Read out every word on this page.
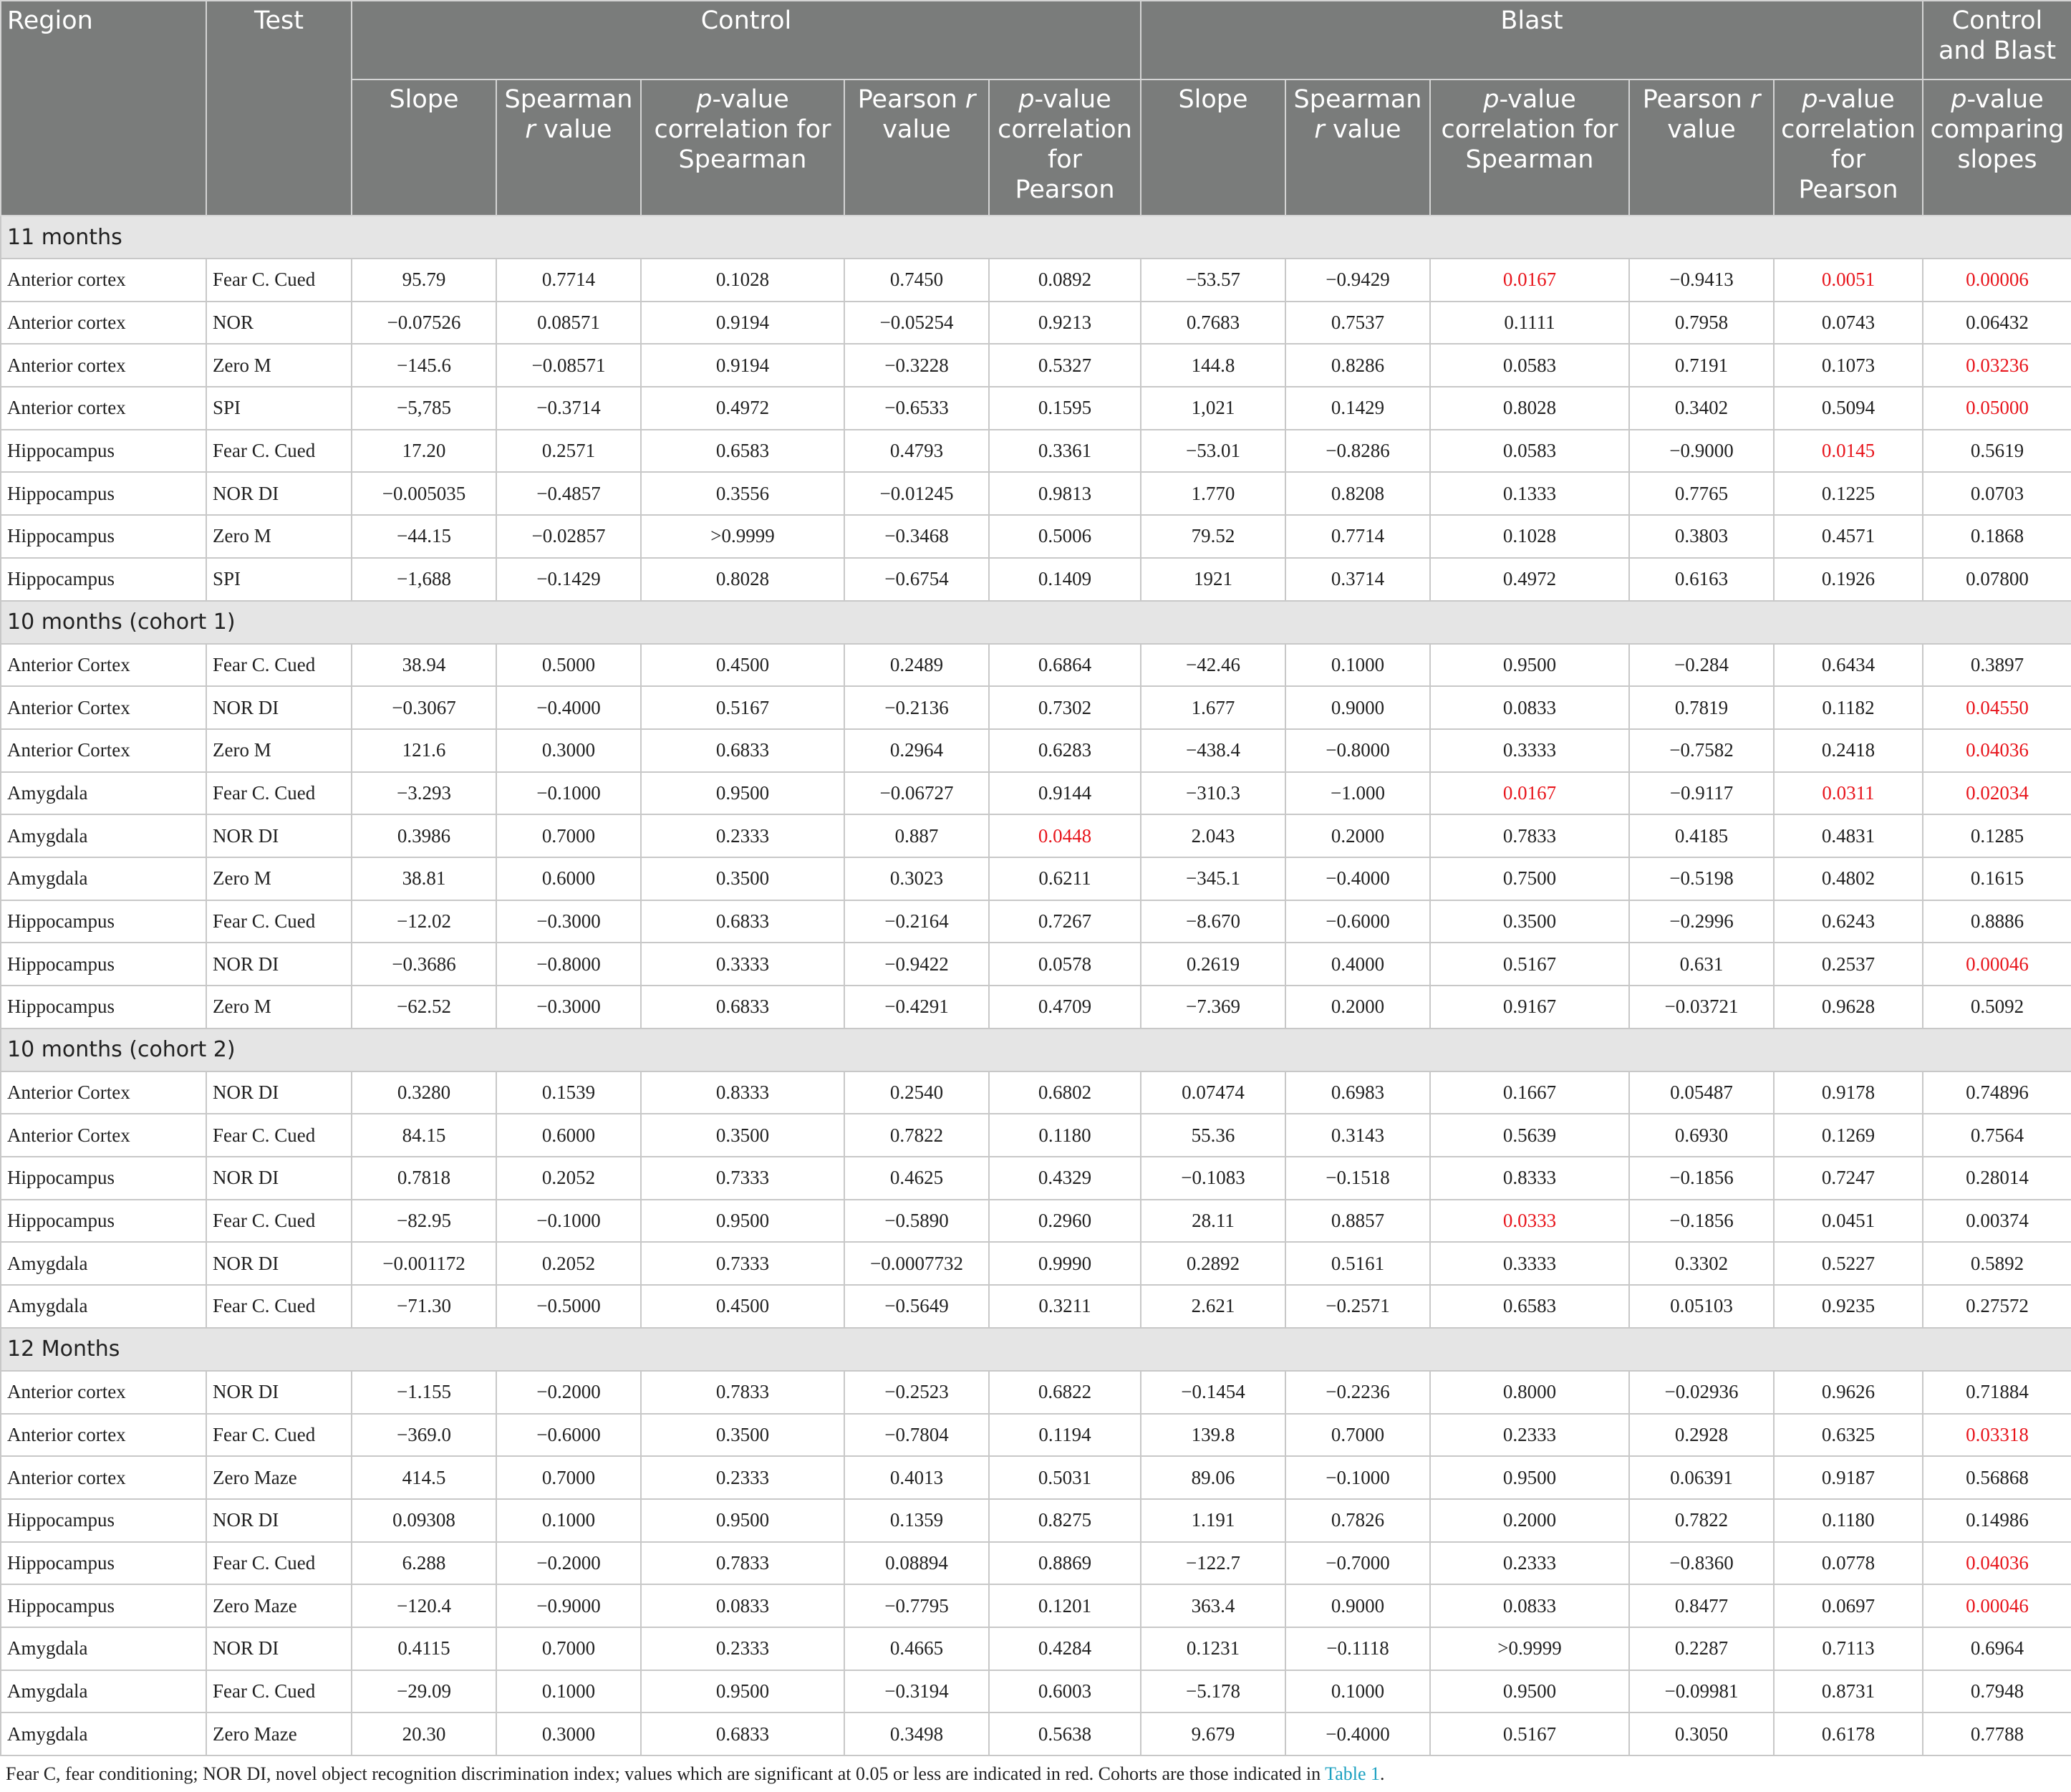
Region	Test	Control					Blast					Control and Blast
		Slope	Spearman r value	p-value correlation for Spearman	Pearson r value	p-value correlation for Pearson	Slope	Spearman r value	p-value correlation for Spearman	Pearson r value	p-value correlation for Pearson	p-value comparing slopes
11 months												
Anterior cortex	Fear C. Cued	95.79	0.7714	0.1028	0.7450	0.0892	−53.57	−0.9429	0.0167	−0.9413	0.0051	0.00006
Anterior cortex	NOR	−0.07526	0.08571	0.9194	−0.05254	0.9213	0.7683	0.7537	0.1111	0.7958	0.0743	0.06432
Anterior cortex	Zero M	−145.6	−0.08571	0.9194	−0.3228	0.5327	144.8	0.8286	0.0583	0.7191	0.1073	0.03236
Anterior cortex	SPI	−5,785	−0.3714	0.4972	−0.6533	0.1595	1,021	0.1429	0.8028	0.3402	0.5094	0.05000
Hippocampus	Fear C. Cued	17.20	0.2571	0.6583	0.4793	0.3361	−53.01	−0.8286	0.0583	−0.9000	0.0145	0.5619
Hippocampus	NOR DI	−0.005035	−0.4857	0.3556	−0.01245	0.9813	1.770	0.8208	0.1333	0.7765	0.1225	0.0703
Hippocampus	Zero M	−44.15	−0.02857	>0.9999	−0.3468	0.5006	79.52	0.7714	0.1028	0.3803	0.4571	0.1868
Hippocampus	SPI	−1,688	−0.1429	0.8028	−0.6754	0.1409	1921	0.3714	0.4972	0.6163	0.1926	0.07800
10 months (cohort 1)												
Anterior Cortex	Fear C. Cued	38.94	0.5000	0.4500	0.2489	0.6864	−42.46	0.1000	0.9500	−0.284	0.6434	0.3897
Anterior Cortex	NOR DI	−0.3067	−0.4000	0.5167	−0.2136	0.7302	1.677	0.9000	0.0833	0.7819	0.1182	0.04550
Anterior Cortex	Zero M	121.6	0.3000	0.6833	0.2964	0.6283	−438.4	−0.8000	0.3333	−0.7582	0.2418	0.04036
Amygdala	Fear C. Cued	−3.293	−0.1000	0.9500	−0.06727	0.9144	−310.3	−1.000	0.0167	−0.9117	0.0311	0.02034
Amygdala	NOR DI	0.3986	0.7000	0.2333	0.887	0.0448	2.043	0.2000	0.7833	0.4185	0.4831	0.1285
Amygdala	Zero M	38.81	0.6000	0.3500	0.3023	0.6211	−345.1	−0.4000	0.7500	−0.5198	0.4802	0.1615
Hippocampus	Fear C. Cued	−12.02	−0.3000	0.6833	−0.2164	0.7267	−8.670	−0.6000	0.3500	−0.2996	0.6243	0.8886
Hippocampus	NOR DI	−0.3686	−0.8000	0.3333	−0.9422	0.0578	0.2619	0.4000	0.5167	0.631	0.2537	0.00046
Hippocampus	Zero M	−62.52	−0.3000	0.6833	−0.4291	0.4709	−7.369	0.2000	0.9167	−0.03721	0.9628	0.5092
10 months (cohort 2)												
Anterior Cortex	NOR DI	0.3280	0.1539	0.8333	0.2540	0.6802	0.07474	0.6983	0.1667	0.05487	0.9178	0.74896
Anterior Cortex	Fear C. Cued	84.15	0.6000	0.3500	0.7822	0.1180	55.36	0.3143	0.5639	0.6930	0.1269	0.7564
Hippocampus	NOR DI	0.7818	0.2052	0.7333	0.4625	0.4329	−0.1083	−0.1518	0.8333	−0.1856	0.7247	0.28014
Hippocampus	Fear C. Cued	−82.95	−0.1000	0.9500	−0.5890	0.2960	28.11	0.8857	0.0333	−0.1856	0.0451	0.00374
Amygdala	NOR DI	−0.001172	0.2052	0.7333	−0.0007732	0.9990	0.2892	0.5161	0.3333	0.3302	0.5227	0.5892
Amygdala	Fear C. Cued	−71.30	−0.5000	0.4500	−0.5649	0.3211	2.621	−0.2571	0.6583	0.05103	0.9235	0.27572
12 Months												
Anterior cortex	NOR DI	−1.155	−0.2000	0.7833	−0.2523	0.6822	−0.1454	−0.2236	0.8000	−0.02936	0.9626	0.71884
Anterior cortex	Fear C. Cued	−369.0	−0.6000	0.3500	−0.7804	0.1194	139.8	0.7000	0.2333	0.2928	0.6325	0.03318
Anterior cortex	Zero Maze	414.5	0.7000	0.2333	0.4013	0.5031	89.06	−0.1000	0.9500	0.06391	0.9187	0.56868
Hippocampus	NOR DI	0.09308	0.1000	0.9500	0.1359	0.8275	1.191	0.7826	0.2000	0.7822	0.1180	0.14986
Hippocampus	Fear C. Cued	6.288	−0.2000	0.7833	0.08894	0.8869	−122.7	−0.7000	0.2333	−0.8360	0.0778	0.04036
Hippocampus	Zero Maze	−120.4	−0.9000	0.0833	−0.7795	0.1201	363.4	0.9000	0.0833	0.8477	0.0697	0.00046
Amygdala	NOR DI	0.4115	0.7000	0.2333	0.4665	0.4284	0.1231	−0.1118	>0.9999	0.2287	0.7113	0.6964
Amygdala	Fear C. Cued	−29.09	0.1000	0.9500	−0.3194	0.6003	−5.178	0.1000	0.9500	−0.09981	0.8731	0.7948
Amygdala	Zero Maze	20.30	0.3000	0.6833	0.3498	0.5638	9.679	−0.4000	0.5167	0.3050	0.6178	0.7788
Fear C, fear conditioning; NOR DI, novel object recognition discrimination index; values which are significant at 0.05 or less are indicated in red. Cohorts are those indicated in Table 1.
